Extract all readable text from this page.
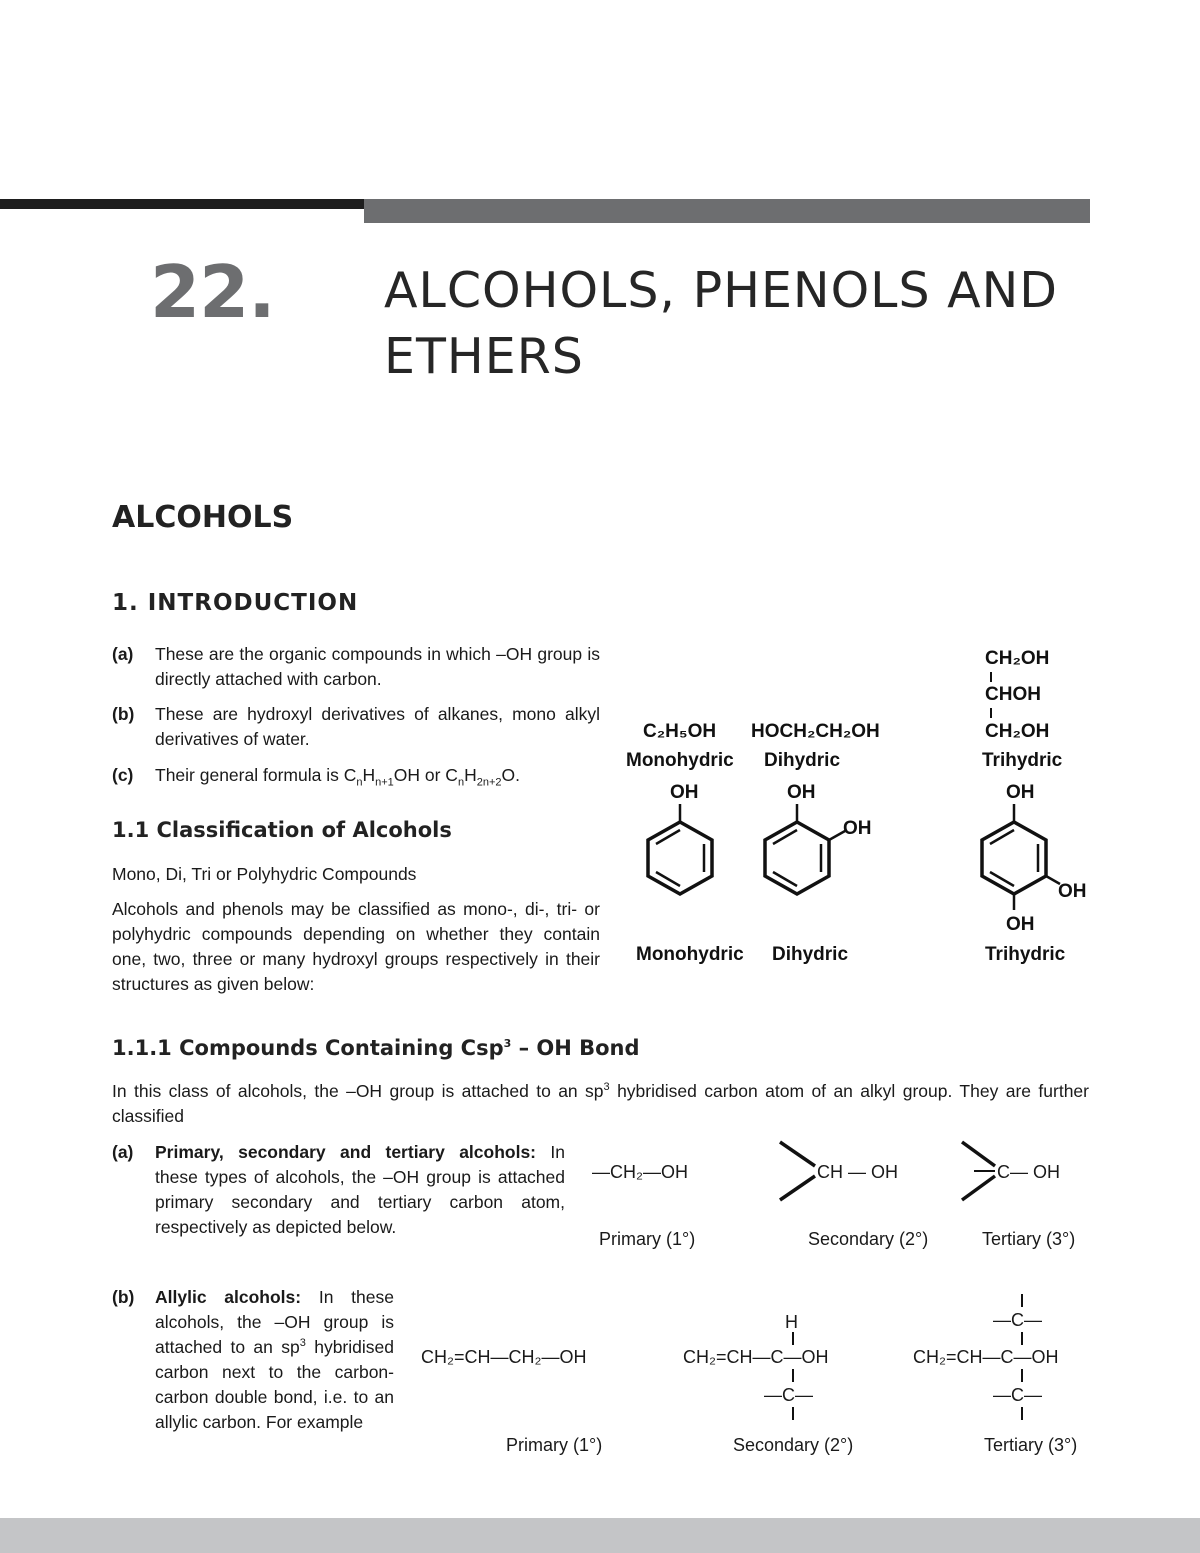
22. ALCOHOLS, PHENOLS AND ETHERS
ALCOHOLS
1. INTRODUCTION
(a) These are the organic compounds in which –OH group is directly attached with carbon.
(b) These are hydroxyl derivatives of alkanes, mono alkyl derivatives of water.
(c) Their general formula is $C_nH_{n+1}OH$ or $C_nH_{2n+2}O$.
1.1 Classification of Alcohols
Mono, Di, Tri or Polyhydric Compounds
Alcohols and phenols may be classified as mono-, di-, tri- or polyhydric compounds depending on whether they contain one, two, three or many hydroxyl groups respectively in their structures as given below:
1.1.1 Compounds Containing Csp$^3$ – OH Bond
In this class of alcohols, the –OH group is attached to an $sp^3$ hybridised carbon atom of an alkyl group. They are further classified
(a) Primary, secondary and tertiary alcohols: In these types of alcohols, the –OH group is attached primary secondary and tertiary carbon atom, respectively as depicted below.
(b) Allylic alcohols: In these alcohols, the –OH group is attached to an $sp^3$ hybridised carbon next to the carbon-carbon double bond, i.e. to an allylic carbon. For example
CH₂OH
CHOH
CH₂OH
C₂H₅OH HOCH₂CH₂OH
Monohydric Dihydric	Trihydric
OH	OH
OH
OH
OH
OH
Monohydric Dihydric	Trihydric
—CH₂—OH	CH — OH	C— OH
Primary (1°)	Secondary (2°)	Tertiary (3°)
CH₂=CH—CH₂—OH
H
CH₂=CH—C—OH
—C—
—C—
CH₂=CH—C—OH
—C—
Primary (1°)	Secondary (2°)	Tertiary (3°)
